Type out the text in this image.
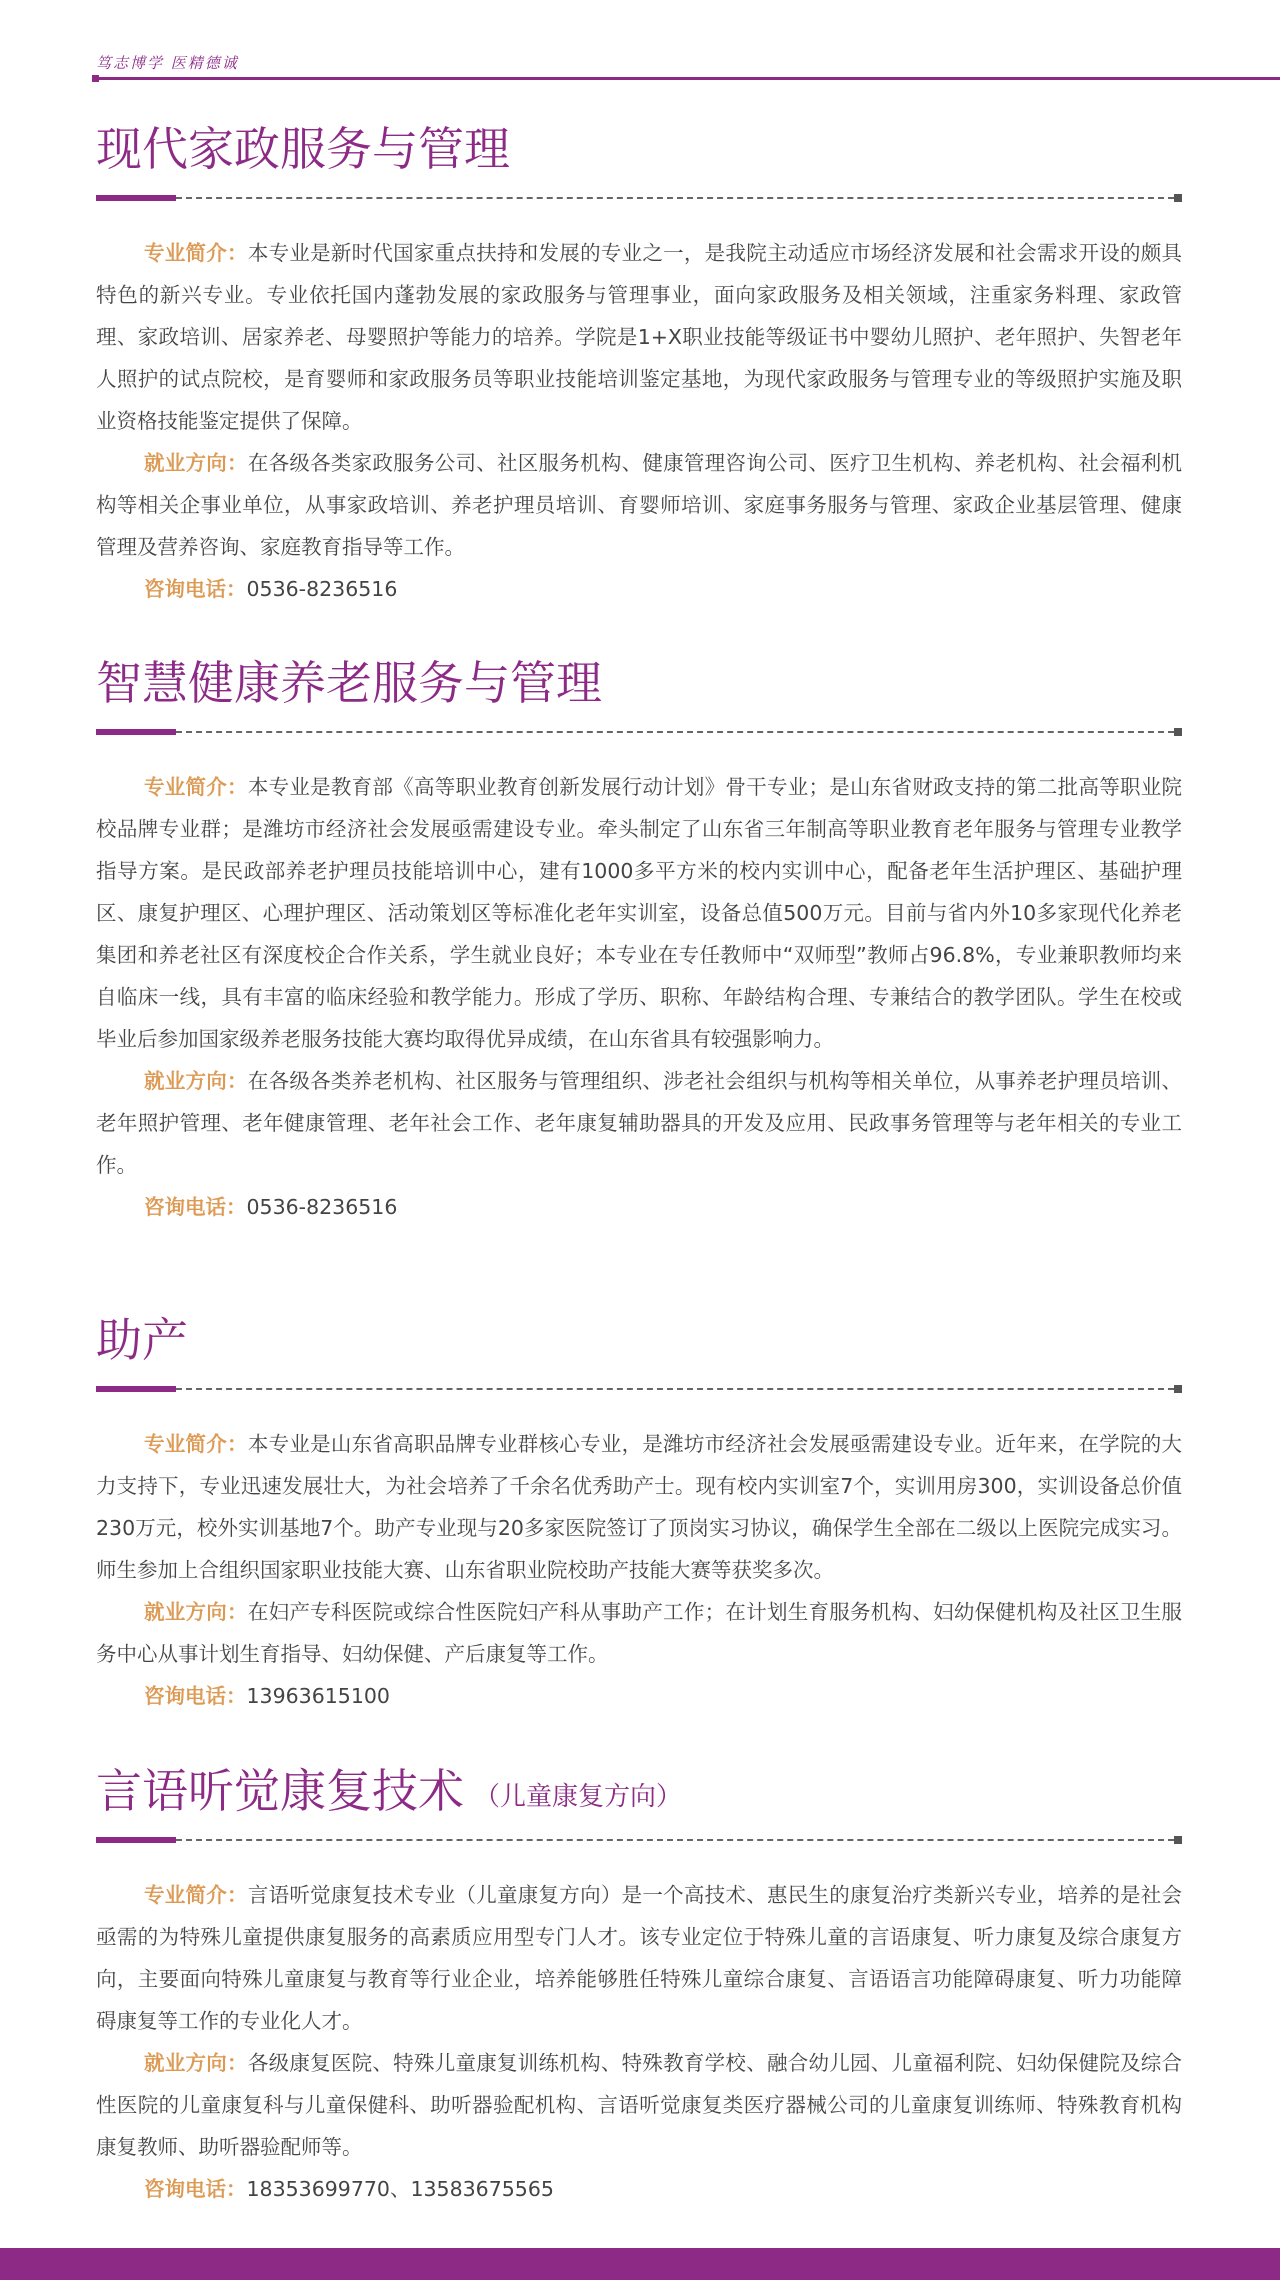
笃志博学 医精德诚
现代家政服务与管理

专业简介：本专业是新时代国家重点扶持和发展的专业之一，是我院主动适应市场经济发展和社会需求开设的颇具特色的新兴专业。专业依托国内蓬勃发展的家政服务与管理事业，面向家政服务及相关领域，注重家务料理、家政管理、家政培训、居家养老、母婴照护等能力的培养。学院是1+X职业技能等级证书中婴幼儿照护、老年照护、失智老年人照护的试点院校，是育婴师和家政服务员等职业技能培训鉴定基地，为现代家政服务与管理专业的等级照护实施及职业资格技能鉴定提供了保障。

就业方向：在各级各类家政服务公司、社区服务机构、健康管理咨询公司、医疗卫生机构、养老机构、社会福利机构等相关企事业单位，从事家政培训、养老护理员培训、育婴师培训、家庭事务服务与管理、家政企业基层管理、健康管理及营养咨询、家庭教育指导等工作。

咨询电话：0536-8236516

智慧健康养老服务与管理

专业简介：本专业是教育部《高等职业教育创新发展行动计划》骨干专业；是山东省财政支持的第二批高等职业院校品牌专业群；是潍坊市经济社会发展亟需建设专业。牵头制定了山东省三年制高等职业教育老年服务与管理专业教学指导方案。是民政部养老护理员技能培训中心，建有1000多平方米的校内实训中心，配备老年生活护理区、基础护理区、康复护理区、心理护理区、活动策划区等标准化老年实训室，设备总值500万元。目前与省内外10多家现代化养老集团和养老社区有深度校企合作关系，学生就业良好；本专业在专任教师中“双师型”教师占96.8%，专业兼职教师均来自临床一线，具有丰富的临床经验和教学能力。形成了学历、职称、年龄结构合理、专兼结合的教学团队。学生在校或毕业后参加国家级养老服务技能大赛均取得优异成绩，在山东省具有较强影响力。

就业方向：在各级各类养老机构、社区服务与管理组织、涉老社会组织与机构等相关单位，从事养老护理员培训、老年照护管理、老年健康管理、老年社会工作、老年康复辅助器具的开发及应用、民政事务管理等与老年相关的专业工作。

咨询电话：0536-8236516

助产

专业简介：本专业是山东省高职品牌专业群核心专业，是潍坊市经济社会发展亟需建设专业。近年来，在学院的大力支持下，专业迅速发展壮大，为社会培养了千余名优秀助产士。现有校内实训室7个，实训用房300，实训设备总价值230万元，校外实训基地7个。助产专业现与20多家医院签订了顶岗实习协议，确保学生全部在二级以上医院完成实习。师生参加上合组织国家职业技能大赛、山东省职业院校助产技能大赛等获奖多次。

就业方向：在妇产专科医院或综合性医院妇产科从事助产工作；在计划生育服务机构、妇幼保健机构及社区卫生服务中心从事计划生育指导、妇幼保健、产后康复等工作。

咨询电话：13963615100

言语听觉康复技术 （儿童康复方向）

专业简介：言语听觉康复技术专业（儿童康复方向）是一个高技术、惠民生的康复治疗类新兴专业，培养的是社会亟需的为特殊儿童提供康复服务的高素质应用型专门人才。该专业定位于特殊儿童的言语康复、听力康复及综合康复方向，主要面向特殊儿童康复与教育等行业企业，培养能够胜任特殊儿童综合康复、言语语言功能障碍康复、听力功能障碍康复等工作的专业化人才。

就业方向：各级康复医院、特殊儿童康复训练机构、特殊教育学校、融合幼儿园、儿童福利院、妇幼保健院及综合性医院的儿童康复科与儿童保健科、助听器验配机构、言语听觉康复类医疗器械公司的儿童康复训练师、特殊教育机构康复教师、助听器验配师等。

咨询电话：18353699770、13583675565
